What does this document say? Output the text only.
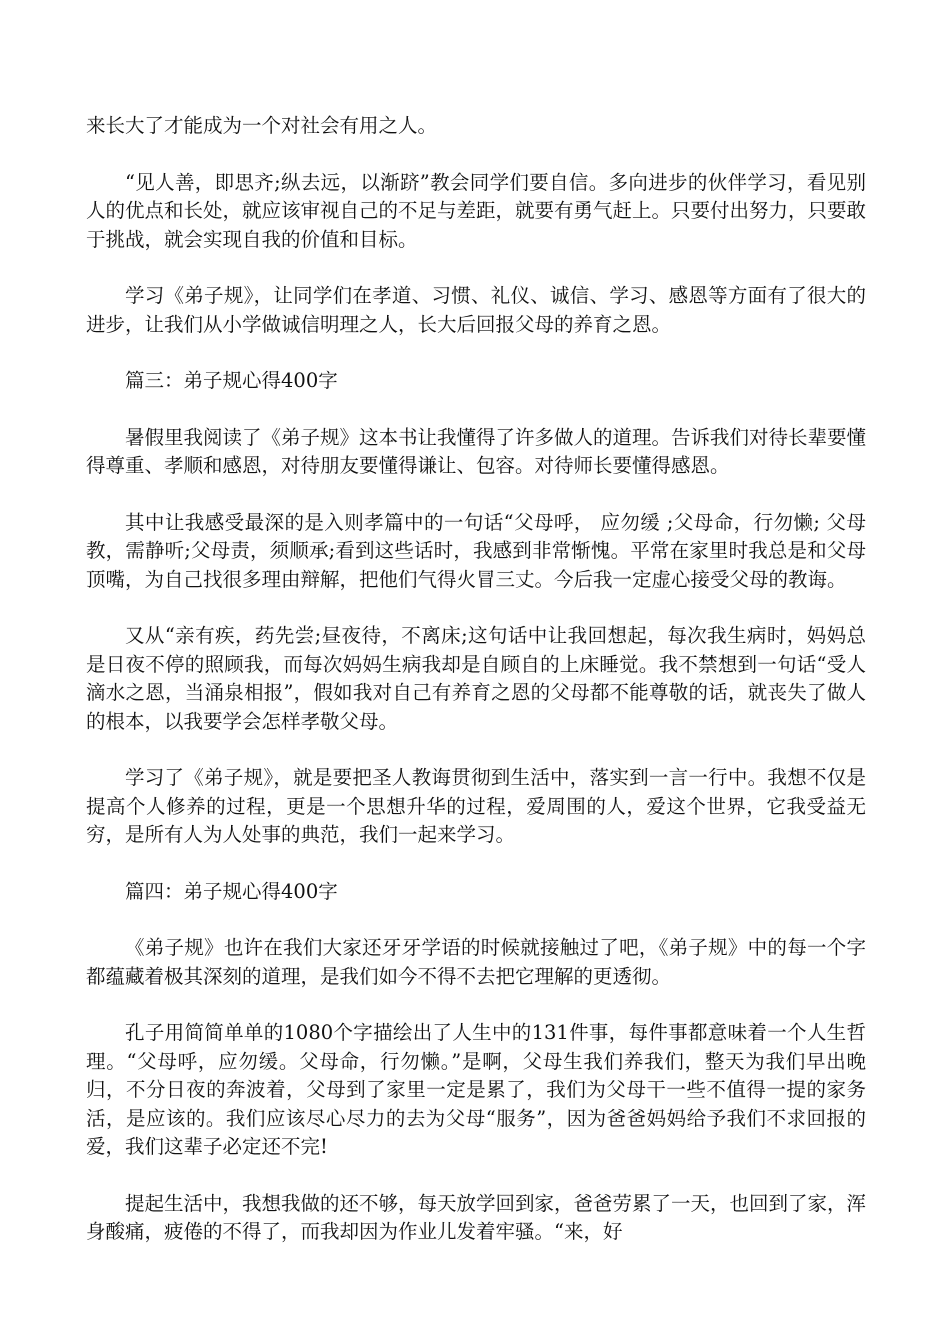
来长大了才能成为一个对社会有用之人。

“见人善，即思齐;纵去远，以渐跻”教会同学们要自信。多向进步的伙伴学习，看见别人的优点和长处，就应该审视自己的不足与差距，就要有勇气赶上。只要付出努力，只要敢于挑战，就会实现自我的价值和目标。

学习《弟子规》，让同学们在孝道、习惯、礼仪、诚信、学习、感恩等方面有了很大的进步，让我们从小学做诚信明理之人，长大后回报父母的养育之恩。

篇三：弟子规心得400字

暑假里我阅读了《弟子规》这本书让我懂得了许多做人的道理。告诉我们对待长辈要懂得尊重、孝顺和感恩，对待朋友要懂得谦让、包容。对待师长要懂得感恩。

其中让我感受最深的是入则孝篇中的一句话“父母呼， 应勿缓 ;父母命，行勿懒; 父母教，需静听;父母责，须顺承;看到这些话时，我感到非常惭愧。平常在家里时我总是和父母顶嘴，为自己找很多理由辩解，把他们气得火冒三丈。今后我一定虚心接受父母的教诲。

又从“亲有疾，药先尝;昼夜待，不离床;这句话中让我回想起，每次我生病时，妈妈总是日夜不停的照顾我，而每次妈妈生病我却是自顾自的上床睡觉。我不禁想到一句话“受人滴水之恩，当涌泉相报”，假如我对自己有养育之恩的父母都不能尊敬的话，就丧失了做人的根本，以我要学会怎样孝敬父母。

学习了《弟子规》，就是要把圣人教诲贯彻到生活中，落实到一言一行中。我想不仅是提高个人修养的过程，更是一个思想升华的过程，爱周围的人，爱这个世界，它我受益无穷，是所有人为人处事的典范，我们一起来学习。

篇四：弟子规心得400字

《弟子规》也许在我们大家还牙牙学语的时候就接触过了吧，《弟子规》中的每一个字都蕴藏着极其深刻的道理，是我们如今不得不去把它理解的更透彻。

孔子用简简单单的1080个字描绘出了人生中的131件事，每件事都意味着一个人生哲理。“父母呼，应勿缓。父母命，行勿懒。”是啊，父母生我们养我们，整天为我们早出晚归，不分日夜的奔波着，父母到了家里一定是累了，我们为父母干一些不值得一提的家务活，是应该的。我们应该尽心尽力的去为父母“服务”，因为爸爸妈妈给予我们不求回报的爱，我们这辈子必定还不完!

提起生活中，我想我做的还不够，每天放学回到家，爸爸劳累了一天，也回到了家，浑身酸痛，疲倦的不得了，而我却因为作业儿发着牢骚。“来，好
